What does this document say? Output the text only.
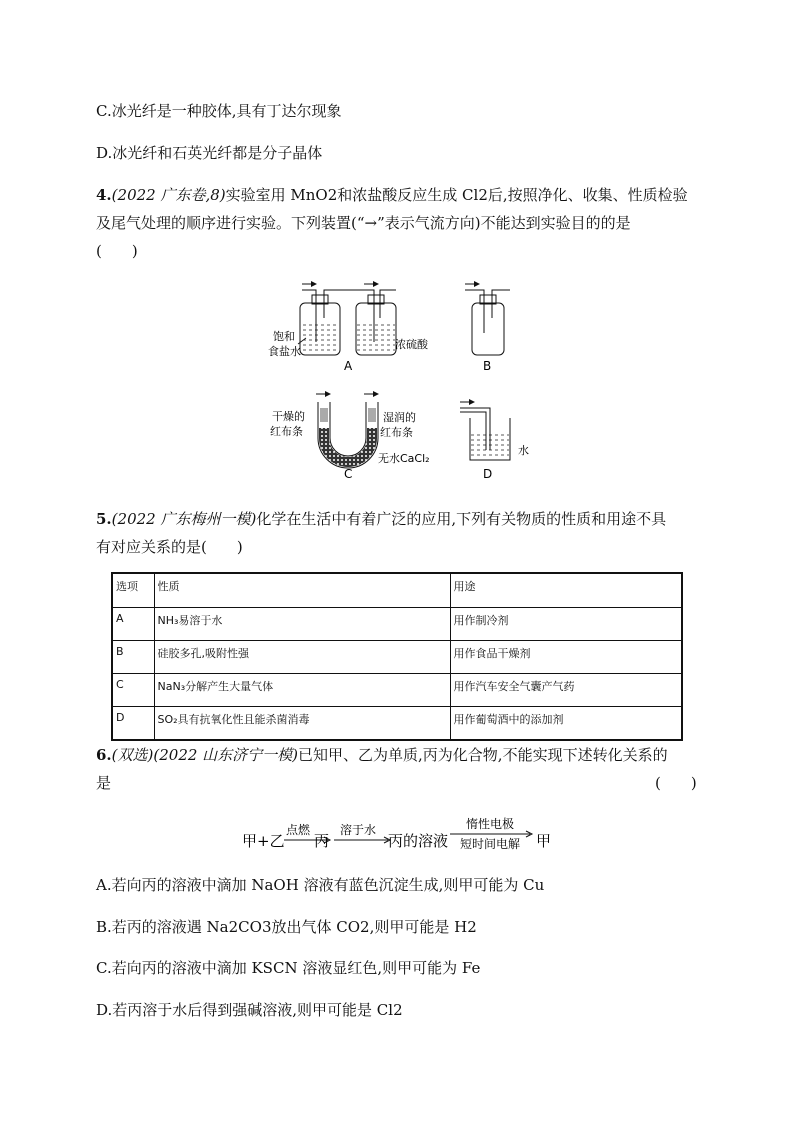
C.冰光纤是一种胶体,具有丁达尔现象
D.冰光纤和石英光纤都是分子晶体
4.(2022 广东卷,8)实验室用 MnO2和浓盐酸反应生成 Cl2后,按照净化、收集、性质检验
及尾气处理的顺序进行实验。下列装置(“→”表示气流方向)不能达到实验目的的是
(　　)
饱和
食盐水
浓硫酸
A	B
干燥的
红布条
湿润的
红布条
无水CaCl₂
C
水
D
5.(2022 广东梅州一模)化学在生活中有着广泛的应用,下列有关物质的性质和用途不具
有对应关系的是(　　)
选项	性质	用途
A	NH₃易溶于水	用作制冷剂
B	硅胶多孔,吸附性强	用作食品干燥剂
C	NaN₃分解产生大量气体	用作汽车安全气囊产气药
D	SO₂具有抗氧化性且能杀菌消毒	用作葡萄酒中的添加剂
6.(双选)(2022 山东济宁一模)已知甲、乙为单质,丙为化合物,不能实现下述转化关系的
是	(　　)
甲+乙
点燃
丙
溶于水
丙的溶液
惰性电极
短时间电解 甲
A.若向丙的溶液中滴加 NaOH 溶液有蓝色沉淀生成,则甲可能为 Cu
B.若丙的溶液遇 Na2CO3放出气体 CO2,则甲可能是 H2
C.若向丙的溶液中滴加 KSCN 溶液显红色,则甲可能为 Fe
D.若丙溶于水后得到强碱溶液,则甲可能是 Cl2
